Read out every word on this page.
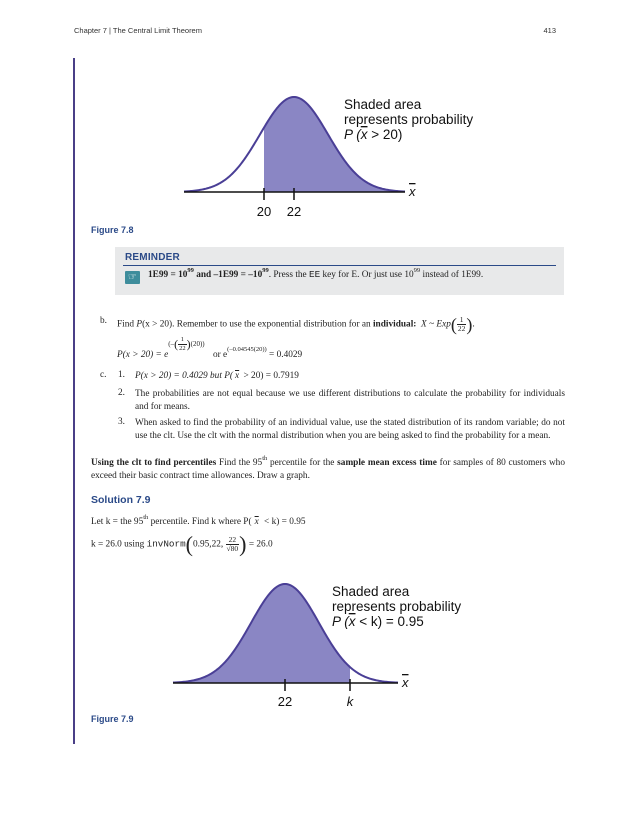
Chapter 7 | The Central Limit Theorem	413
20 22
x
Shaded area
represents probability
P (x > 20)
Figure 7.8
REMINDER
☞	$1E99 = 10^{99}$ and $-1E99 = -10^{99}$. Press the EE key for E. Or just use $10^{99}$ instead of 1E99.
b. Find P(x > 20). Remember to use the exponential distribution for an individual: X ~ $Exp( \frac{1}{22}$ ).
$P(x > 20) = e^{(-( \frac{1}{22} )(20))}$ or $e_{(-0.04545(20))} = 0.4029$
c. 1. P(x > 20) = 0.4029 but P( $\overline{x} > 20) = 0.7919$
2. The probabilities are not equal because we use different distributions to calculate the probability for individuals and for means.
3. When asked to find the probability of an individual value, use the stated distribution of its random variable; do not use the clt. Use the clt with the normal distribution when you are being asked to find the probability for a mean.
Using the clt to find percentiles Find the 95th percentile for the sample mean excess time for samples of 80 customers who exceed their basic contract time allowances. Draw a graph.
Solution 7.9
Let k = the 95th percentile. Find k where P( $\overline{x} < k) = 0.95$
k = 26.0 using invNorm(0.95,22, $\frac{22}{√80}$ ) = 26.0
22	k
x
Shaded area
represents probability
P (x < k) = 0.95
Figure 7.9
